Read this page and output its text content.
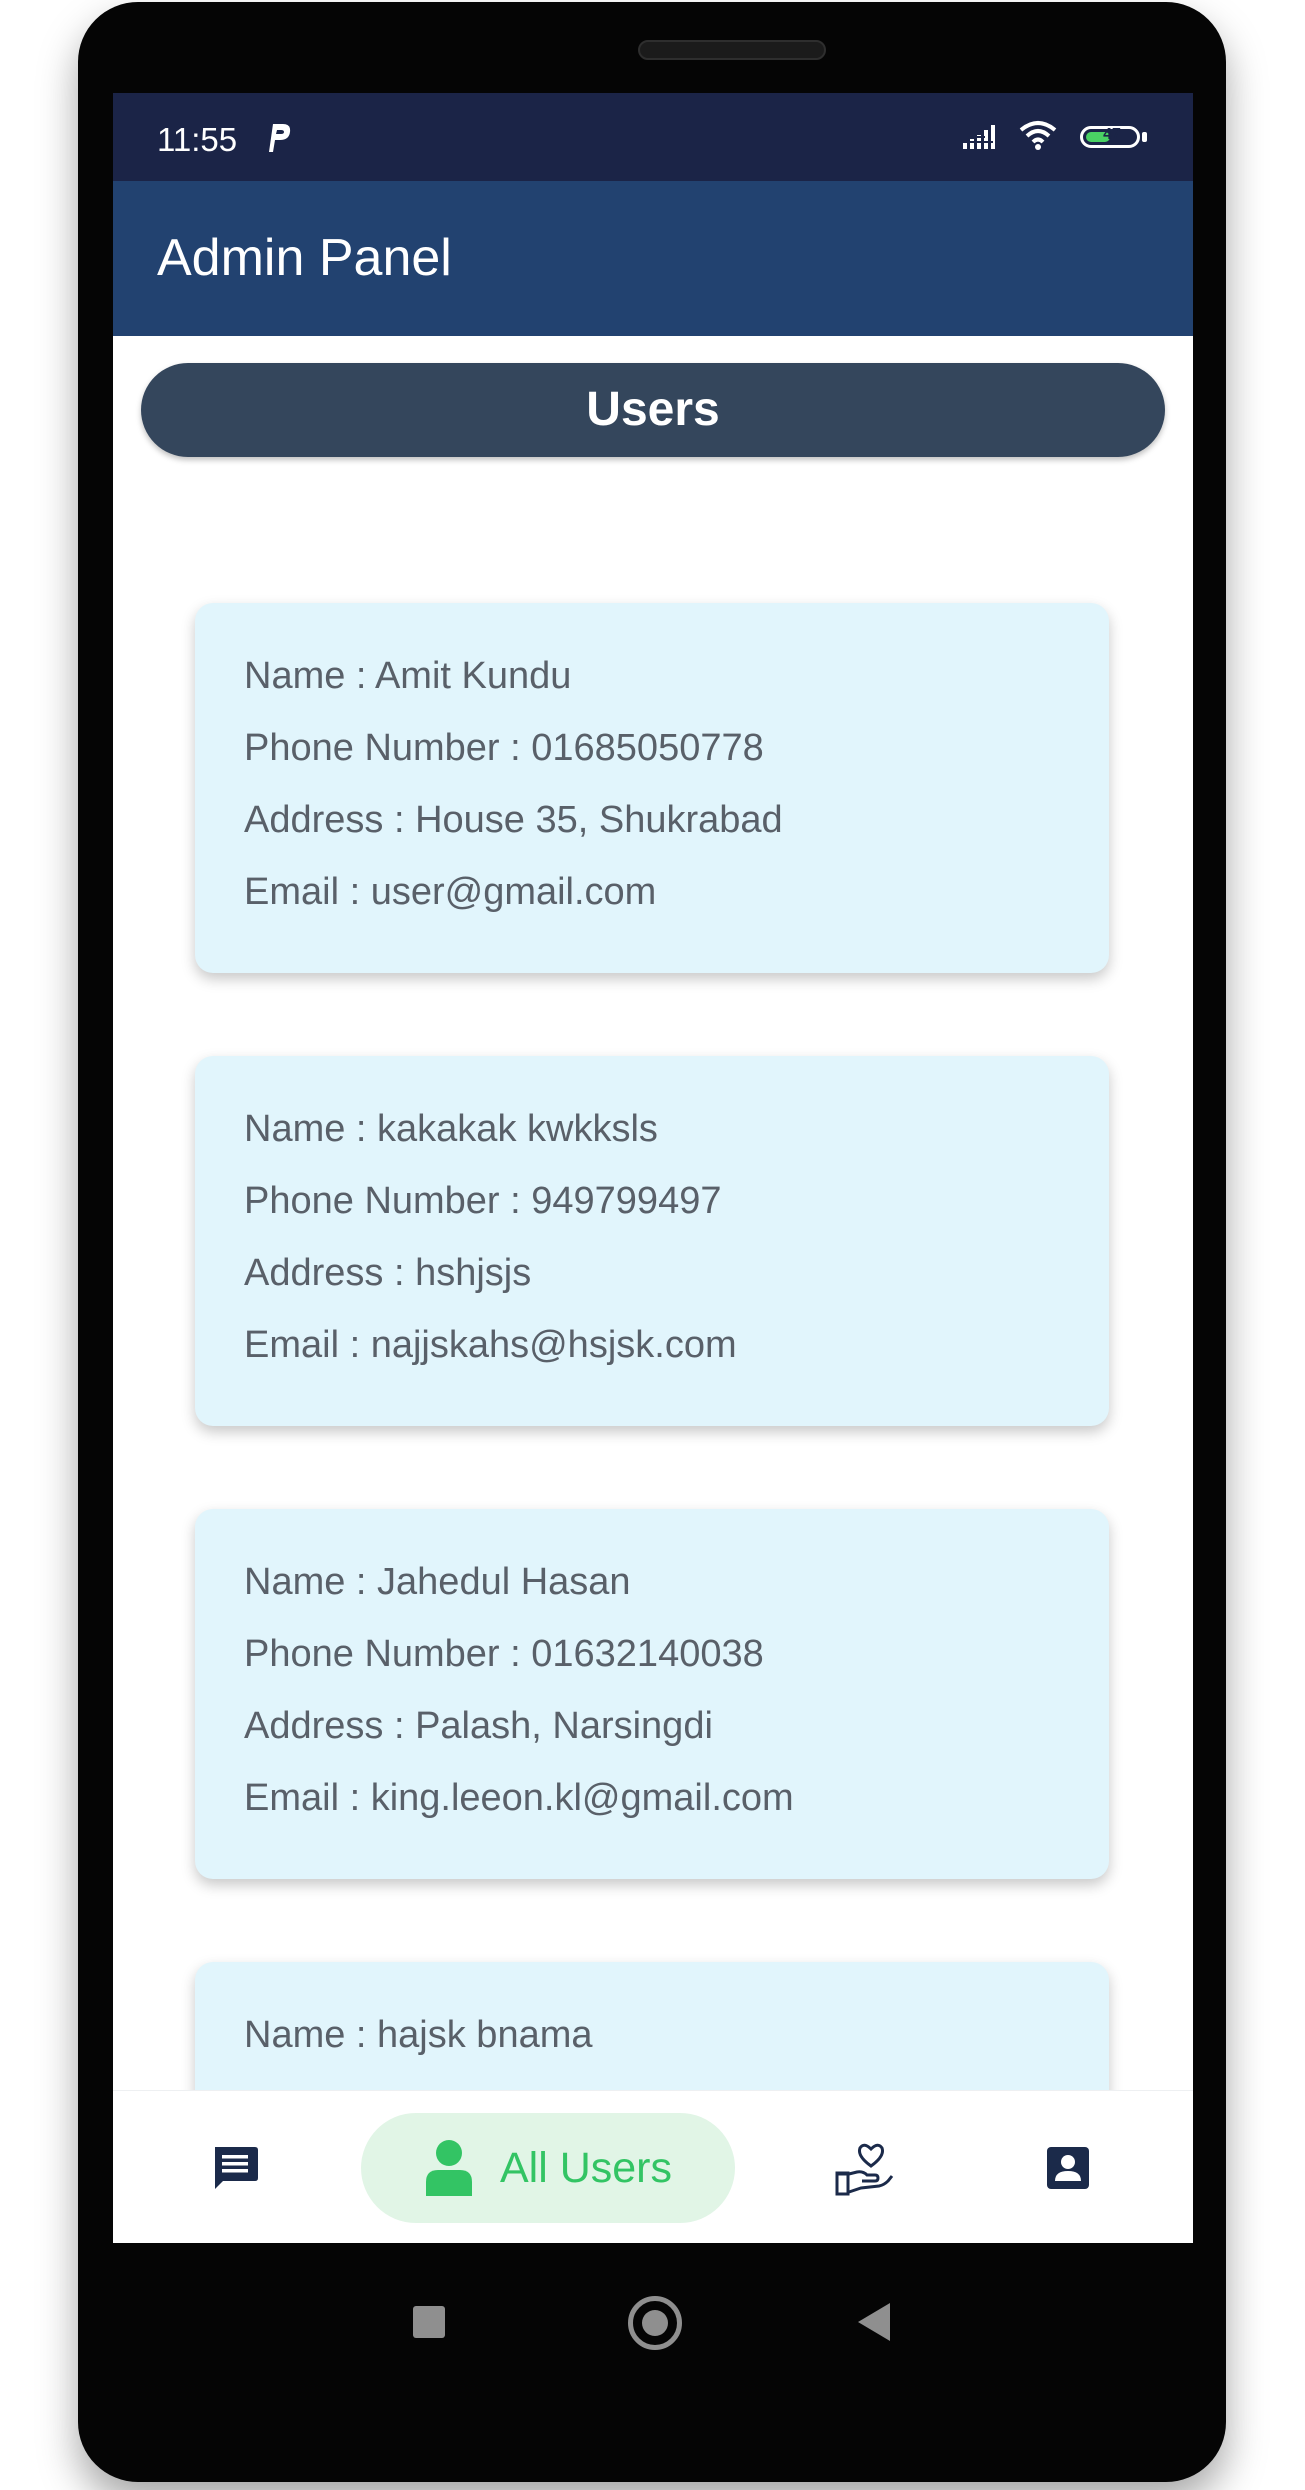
11:55	47
Admin Panel
Users
Name : Amit Kundu
Phone Number : 01685050778
Address : House 35, Shukrabad
Email : user@gmail.com
Name : kakakak kwkksls
Phone Number : 949799497
Address : hshjsjs
Email : najjskahs@hsjsk.com
Name : Jahedul Hasan
Phone Number : 01632140038
Address : Palash, Narsingdi
Email : king.leeon.kl@gmail.com
Name : hajsk bnama
All Users
